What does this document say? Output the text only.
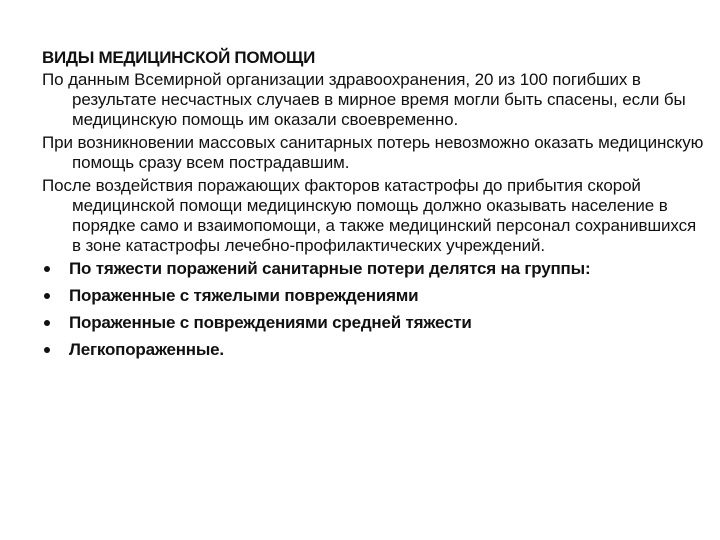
ВИДЫ МЕДИЦИНСКОЙ ПОМОЩИ

По данным Всемирной организации здравоохранения, 20 из 100 погибших в результате несчастных случаев в мирное время могли быть спасены, если бы медицинскую помощь им оказали своевременно.

При возникновении массовых санитарных потерь невозможно оказать медицинскую помощь сразу всем пострадавшим.

После воздействия поражающих факторов катастрофы до прибытия скорой медицинской помощи медицинскую помощь должно оказывать население в порядке само и взаимопомощи, а также медицинский персонал сохранившихся в зоне катастрофы лечебно-профилактических учреждений.

По тяжести поражений санитарные потери делятся на группы:
Пораженные с тяжелыми повреждениями
Пораженные с повреждениями средней тяжести
Легкопораженные.
